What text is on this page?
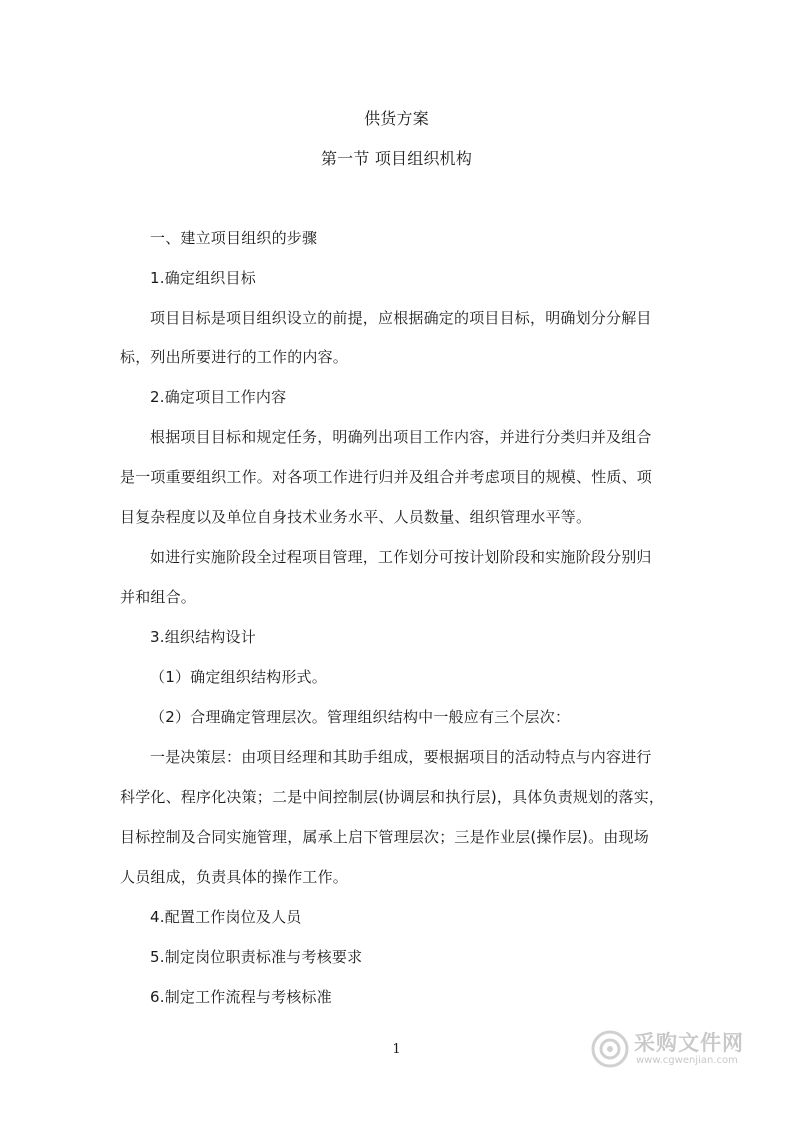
供货方案
第一节 项目组织机构
一、建立项目组织的步骤
1.确定组织目标
项目目标是项目组织设立的前提，应根据确定的项目目标，明确划分分解目
标，列出所要进行的工作的内容。
2.确定项目工作内容
根据项目目标和规定任务，明确列出项目工作内容，并进行分类归并及组合
是一项重要组织工作。对各项工作进行归并及组合并考虑项目的规模、性质、项
目复杂程度以及单位自身技术业务水平、人员数量、组织管理水平等。
如进行实施阶段全过程项目管理，工作划分可按计划阶段和实施阶段分别归
并和组合。
3.组织结构设计
（1）确定组织结构形式。
（2）合理确定管理层次。管理组织结构中一般应有三个层次：
一是决策层：由项目经理和其助手组成，要根据项目的活动特点与内容进行
科学化、程序化决策；二是中间控制层(协调层和执行层)，具体负责规划的落实，
目标控制及合同实施管理，属承上启下管理层次；三是作业层(操作层)。由现场
人员组成，负责具体的操作工作。
4.配置工作岗位及人员
5.制定岗位职责标准与考核要求
6.制定工作流程与考核标准
1	采购文件网
www.cgwenjian.com
